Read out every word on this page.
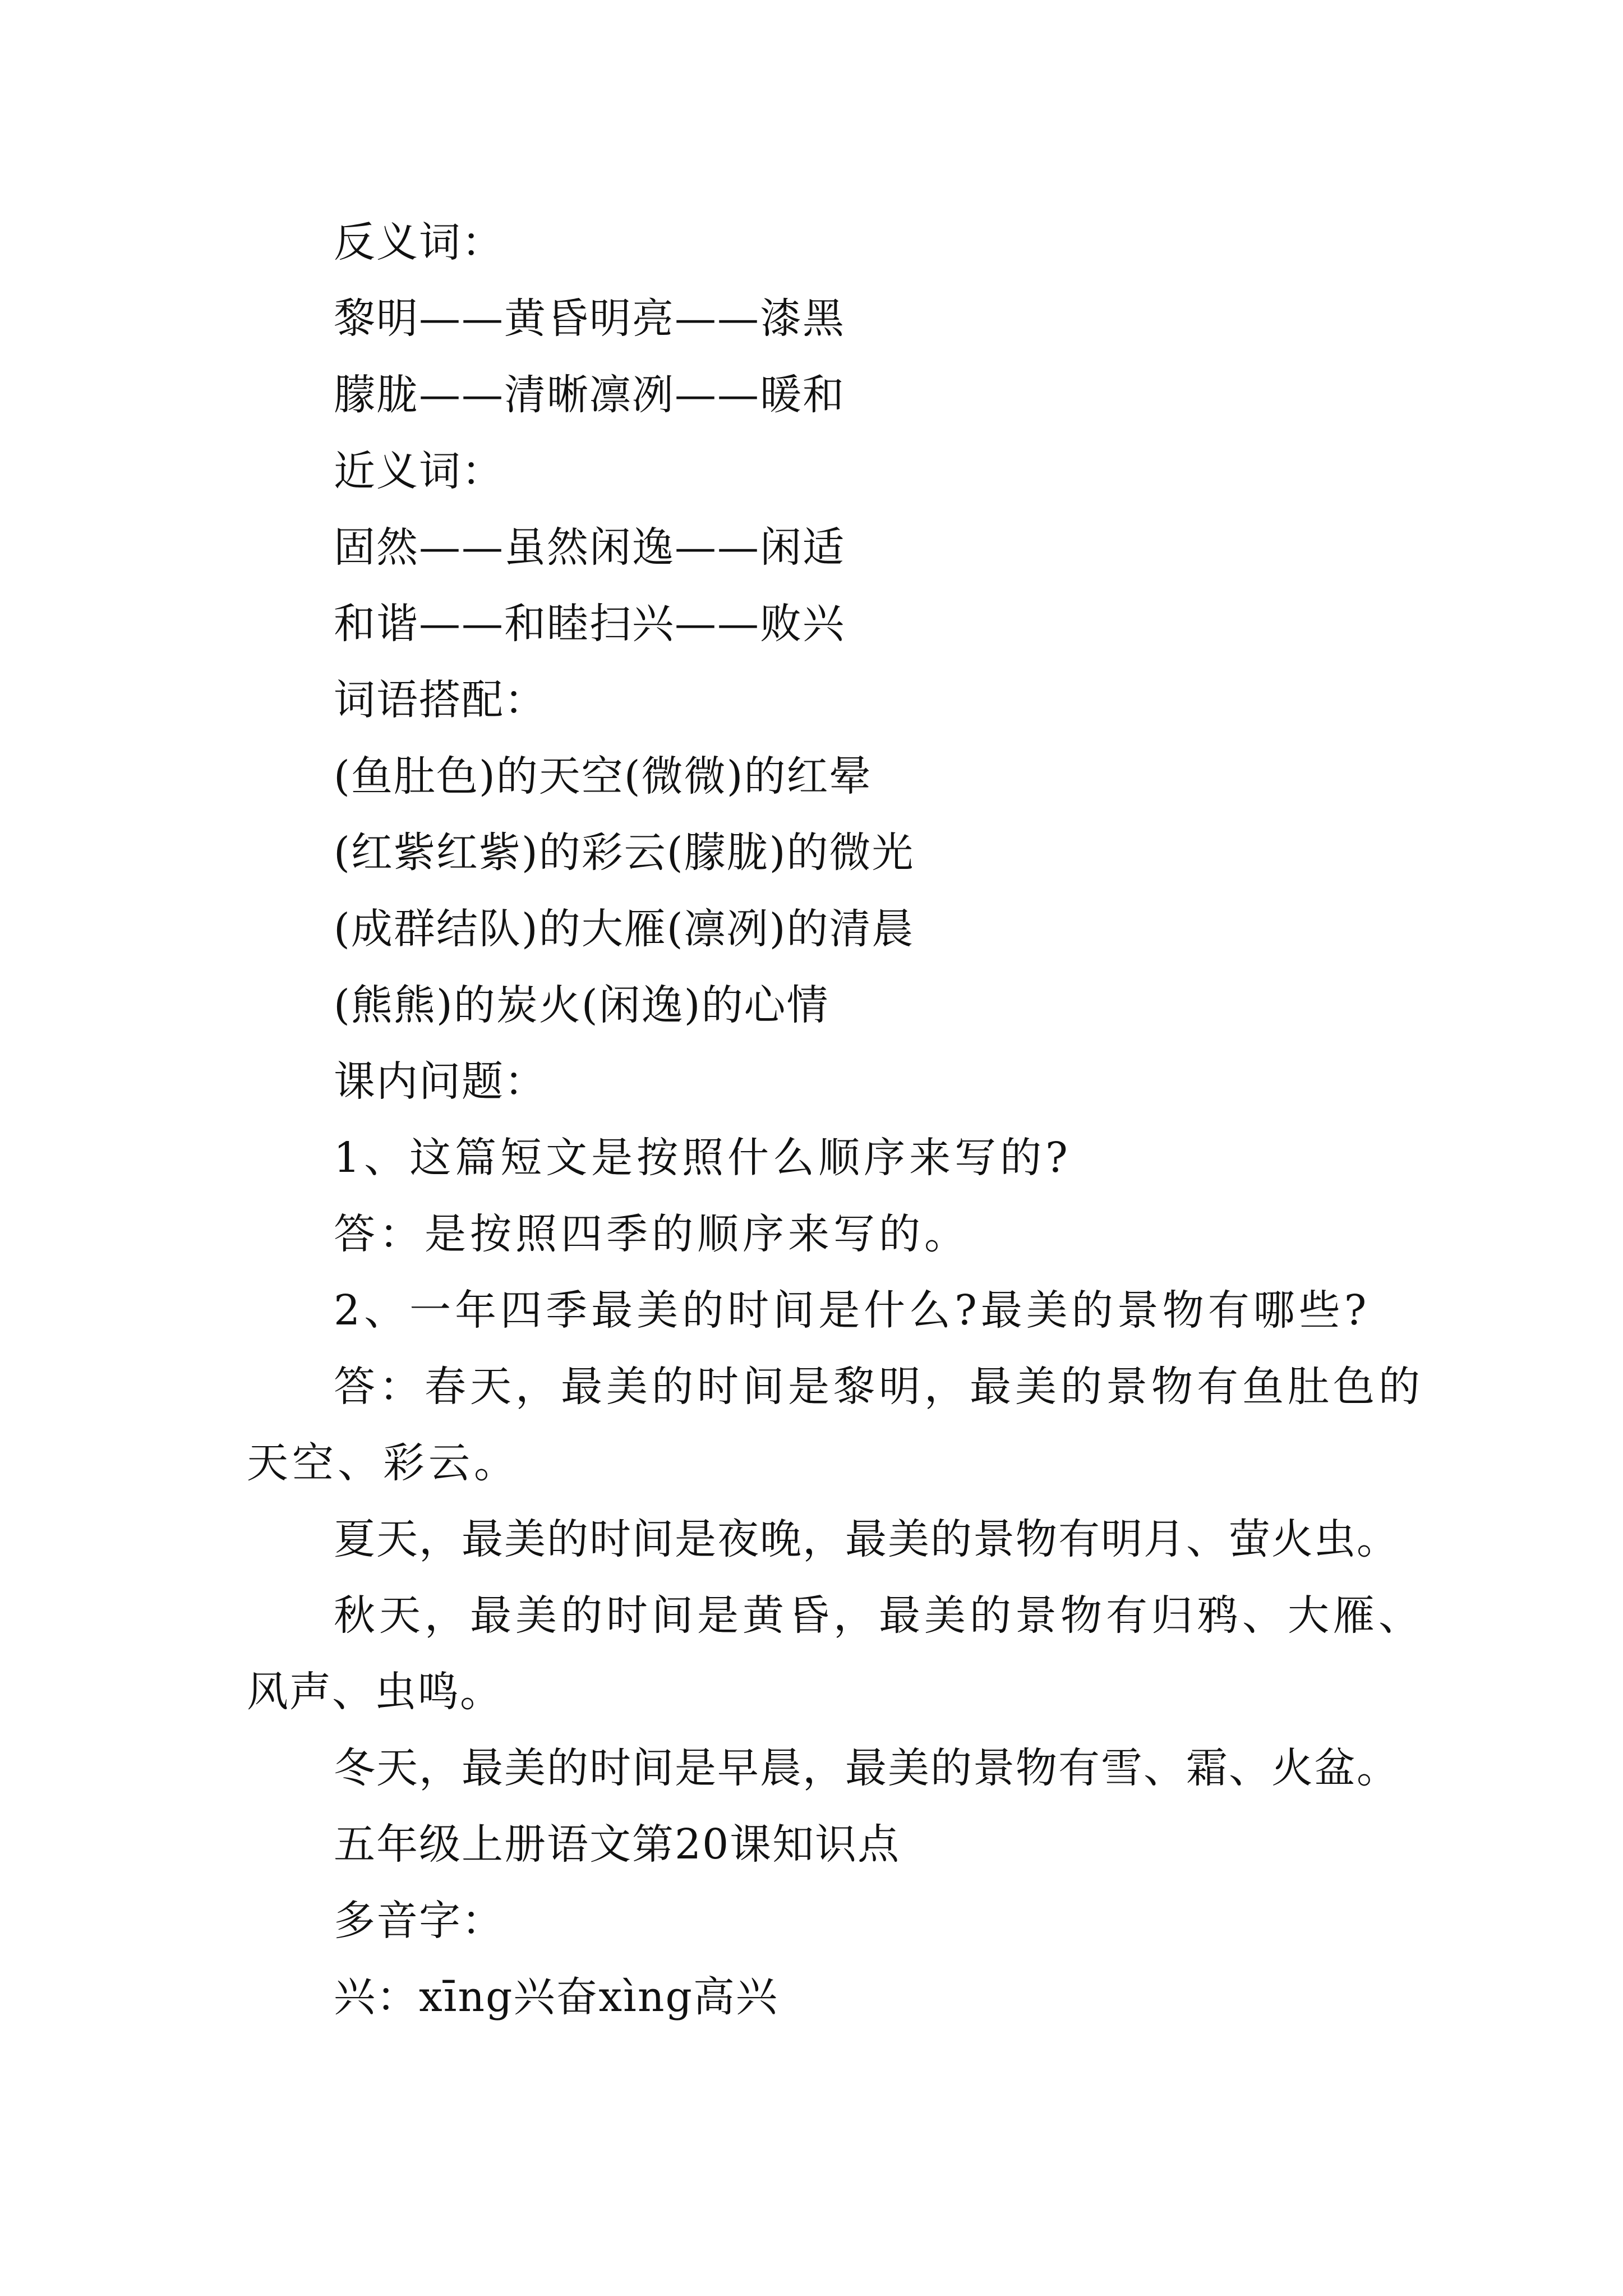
反义词：
黎明——黄昏明亮——漆黑
朦胧——清晰凛冽——暖和
近义词：
固然——虽然闲逸——闲适
和谐——和睦扫兴——败兴
词语搭配：
(鱼肚色)的天空(微微)的红晕
(红紫红紫)的彩云(朦胧)的微光
(成群结队)的大雁(凛冽)的清晨
(熊熊)的炭火(闲逸)的心情
课内问题：
1、这篇短文是按照什么顺序来写的?
答：是按照四季的顺序来写的。
2、一年四季最美的时间是什么?最美的景物有哪些?
答：春天，最美的时间是黎明，最美的景物有鱼肚色的
天空、彩云。
夏天，最美的时间是夜晚，最美的景物有明月、萤火虫。
秋天，最美的时间是黄昏，最美的景物有归鸦、大雁、
风声、虫鸣。
冬天，最美的时间是早晨，最美的景物有雪、霜、火盆。
五年级上册语文第20课知识点
多音字：
兴：xīng兴奋xìng高兴
